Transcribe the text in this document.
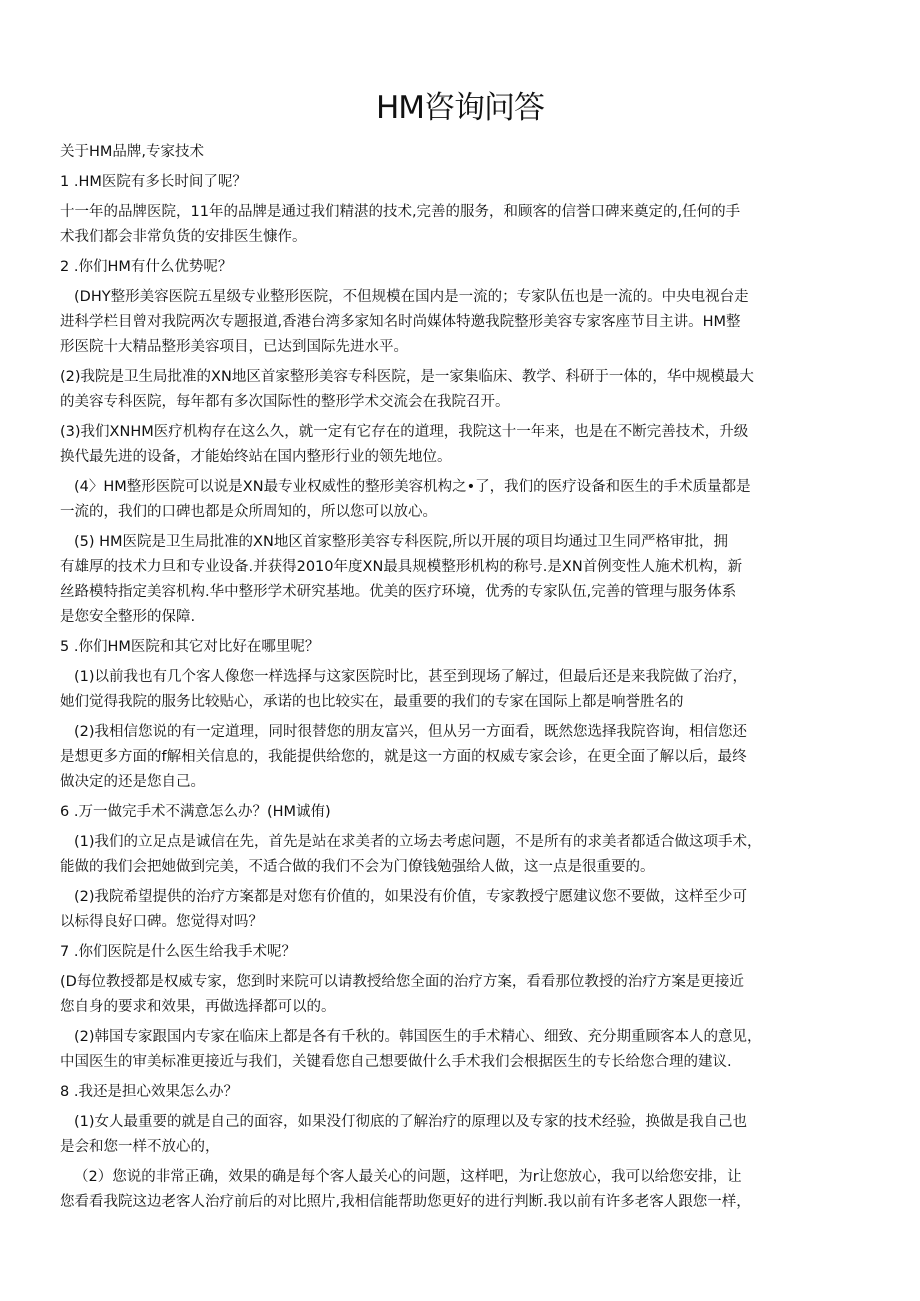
HM咨询问答

关于HM品牌,专家技术

1 .HM医院有多长时间了呢？

十一年的品牌医院，11年的品牌是通过我们精湛的技术,完善的服务，和顾客的信誉口碑来奠定的,任何的手

术我们都会非常负货的安排医生慷作。

2 .你们HM有什么优势呢？

(DHY整形美容医院五星级专业整形医院，不但规模在国内是一流的；专家队伍也是一流的。中央电视台走

进科学栏目曾对我院两次专题报道,香港台湾多家知名时尚媒体特邀我院整形美容专家客座节目主讲。HM整

形医院十大精品整形美容项目，已达到国际先进水平。

(2)我院是卫生局批准的XN地区首家整形美容专科医院，是一家集临床、教学、科研于一体的，华中规模最大

的美容专科医院，每年都有多次国际性的整形学术交流会在我院召开。

(3)我们XNHM医疗机构存在这么久，就一定有它存在的道理，我院这十一年来，也是在不断完善技术，升级

换代最先进的设备，才能始终站在国内整形行业的领先地位。

(4〉HM整形医院可以说是XN最专业权威性的整形美容机构之•了，我们的医疗设备和医生的手术质量都是

一流的，我们的口碑也都是众所周知的，所以您可以放心。

(5) HM医院是卫生局批准的XN地区首家整形美容专科医院,所以开展的项目均通过卫生同严格审批，拥

有雄厚的技术力旦和专业设备.并获得2010年度XN最具规模整形机构的称号.是XN首例变性人施术机构，新

丝路模特指定美容机构.华中整形学术研究基地。优美的医疗环境，优秀的专家队伍,完善的管理与服务体系

是您安全整形的保障.

5 .你们HM医院和其它对比好在哪里呢？

(1)以前我也有几个客人像您一样选择与这家医院时比，甚至到现场了解过，但最后还是来我院做了治疗，

她们觉得我院的服务比较贴心，承诺的也比较实在，最重要的我们的专家在国际上都是响誉胜名的

(2)我相信您说的有一定道理，同时很替您的朋友富兴，但从另一方面看，既然您选择我院咨询，相信您还

是想更多方面的f解相关信息的，我能提供给您的，就是这一方面的权威专家会诊，在更全面了解以后，最终

做决定的还是您自己。

6 .万一做完手术不满意怎么办？(HM诚侑)

(1)我们的立足点是诚信在先，首先是站在求美者的立场去考虑问题，不是所有的求美者都适合做这项手术，

能做的我们会把她做到完美，不适合做的我们不会为门僚钱勉强给人做，这一点是很重要的。

(2)我院希望提供的治疗方案都是对您有价值的，如果没有价值，专家教授宁愿建议您不要做，这样至少可

以标得良好口碑。您觉得对吗？

7 .你们医院是什么医生给我手术呢？

(D每位教授都是权威专家，您到时来院可以请教授给您全面的治疗方案，看看那位教授的治疗方案是更接近

您自身的要求和效果，再做选择都可以的。

(2)韩国专家跟国内专家在临床上都是各有千秋的。韩国医生的手术精心、细致、充分期重顾客本人的意见，

中国医生的审美标准更接近与我们，关键看您自己想要做什么手术我们会根据医生的专长给您合理的建议.

8 .我还是担心效果怎么办？

(1)女人最重要的就是自己的面容，如果没仃彻底的了解治疗的原理以及专家的技术经验，换做是我自己也

是会和您一样不放心的，

（2）您说的非常正确，效果的确是每个客人最关心的问题，这样吧，为r让您放心，我可以给您安排，让

您看看我院这边老客人治疗前后的对比照片,我相信能帮助您更好的进行判断.我以前有许多老客人跟您一样，
